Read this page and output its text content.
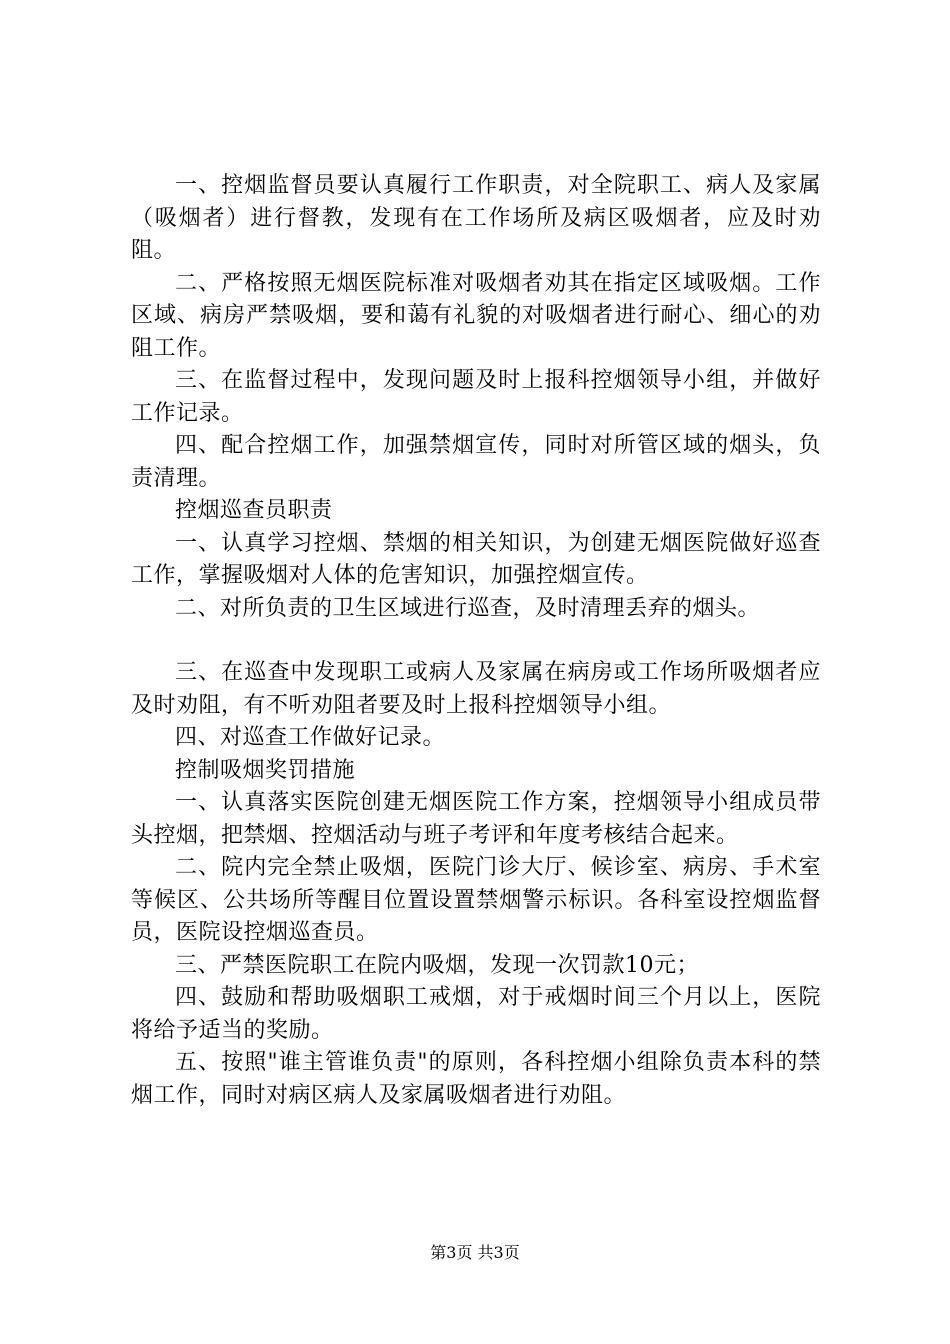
一、控烟监督员要认真履行工作职责，对全院职工、病人及家属（吸烟者）进行督教，发现有在工作场所及病区吸烟者，应及时劝阻。

二、严格按照无烟医院标准对吸烟者劝其在指定区域吸烟。工作区域、病房严禁吸烟，要和蔼有礼貌的对吸烟者进行耐心、细心的劝阻工作。

三、在监督过程中，发现问题及时上报科控烟领导小组，并做好工作记录。

四、配合控烟工作，加强禁烟宣传，同时对所管区域的烟头，负责清理。

控烟巡查员职责

一、认真学习控烟、禁烟的相关知识，为创建无烟医院做好巡查工作，掌握吸烟对人体的危害知识，加强控烟宣传。

二、对所负责的卫生区域进行巡查，及时清理丢弃的烟头。

三、在巡查中发现职工或病人及家属在病房或工作场所吸烟者应及时劝阻，有不听劝阻者要及时上报科控烟领导小组。

四、对巡查工作做好记录。

控制吸烟奖罚措施

一、认真落实医院创建无烟医院工作方案，控烟领导小组成员带头控烟，把禁烟、控烟活动与班子考评和年度考核结合起来。

二、院内完全禁止吸烟，医院门诊大厅、候诊室、病房、手术室等候区、公共场所等醒目位置设置禁烟警示标识。各科室设控烟监督员，医院设控烟巡查员。

三、严禁医院职工在院内吸烟，发现一次罚款10元；

四、鼓励和帮助吸烟职工戒烟，对于戒烟时间三个月以上，医院将给予适当的奖励。

五、按照"谁主管谁负责"的原则，各科控烟小组除负责本科的禁烟工作，同时对病区病人及家属吸烟者进行劝阻。

第3页 共3页
